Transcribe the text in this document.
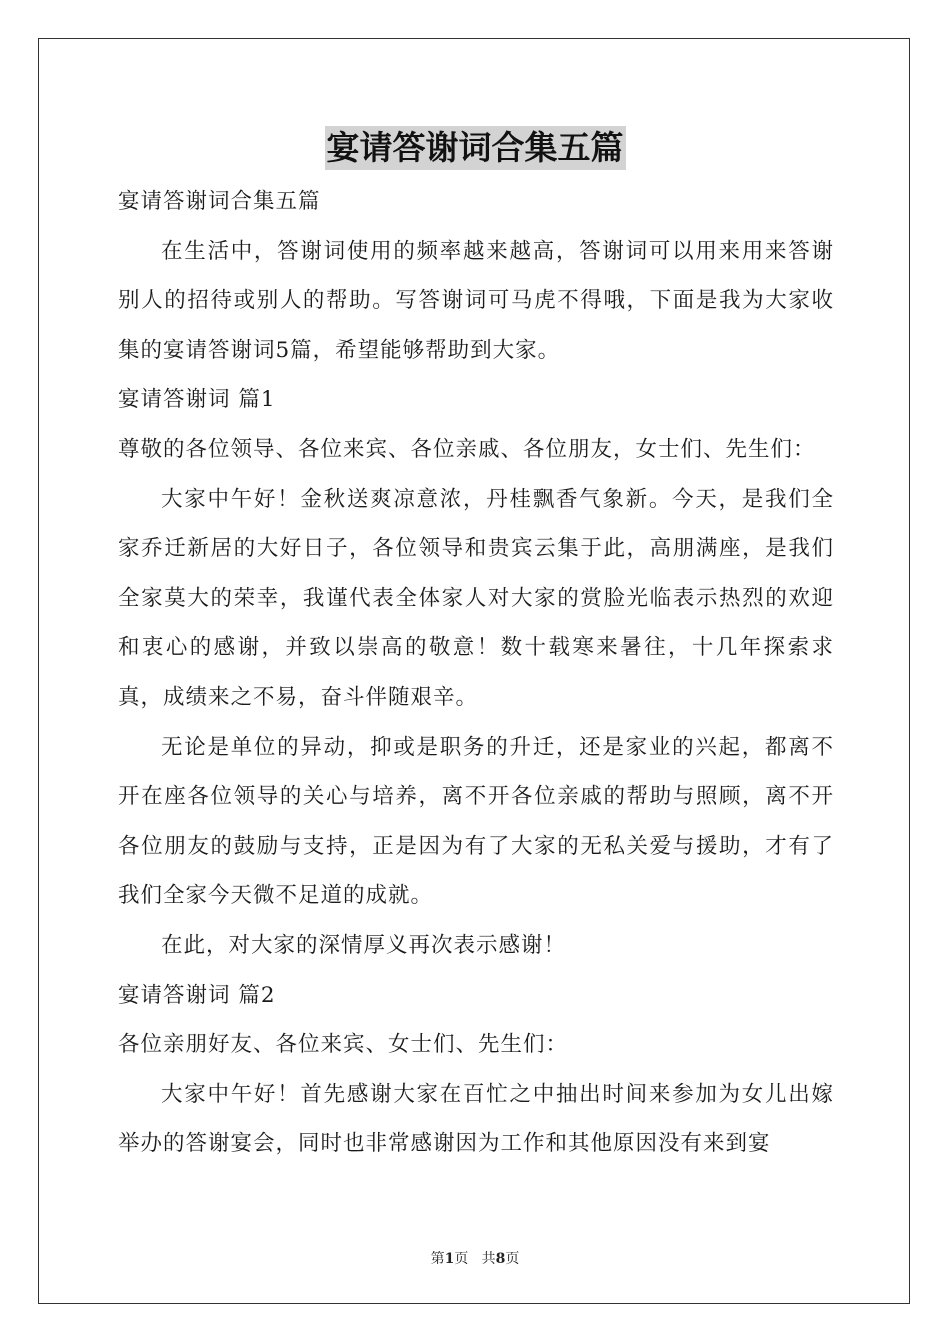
宴请答谢词合集五篇

宴请答谢词合集五篇

在生活中，答谢词使用的频率越来越高，答谢词可以用来用来答谢别人的招待或别人的帮助。写答谢词可马虎不得哦，下面是我为大家收集的宴请答谢词5篇，希望能够帮助到大家。

宴请答谢词 篇1

尊敬的各位领导、各位来宾、各位亲戚、各位朋友，女士们、先生们：

大家中午好！金秋送爽凉意浓，丹桂飘香气象新。今天，是我们全家乔迁新居的大好日子，各位领导和贵宾云集于此，高朋满座，是我们全家莫大的荣幸，我谨代表全体家人对大家的赏脸光临表示热烈的欢迎和衷心的感谢，并致以崇高的敬意！数十载寒来暑往，十几年探索求真，成绩来之不易，奋斗伴随艰辛。

无论是单位的异动，抑或是职务的升迁，还是家业的兴起，都离不开在座各位领导的关心与培养，离不开各位亲戚的帮助与照顾，离不开各位朋友的鼓励与支持，正是因为有了大家的无私关爱与援助，才有了我们全家今天微不足道的成就。

在此，对大家的深情厚义再次表示感谢！

宴请答谢词 篇2

各位亲朋好友、各位来宾、女士们、先生们：

大家中午好！首先感谢大家在百忙之中抽出时间来参加为女儿出嫁举办的答谢宴会，同时也非常感谢因为工作和其他原因没有来到宴

第1页 共8页
